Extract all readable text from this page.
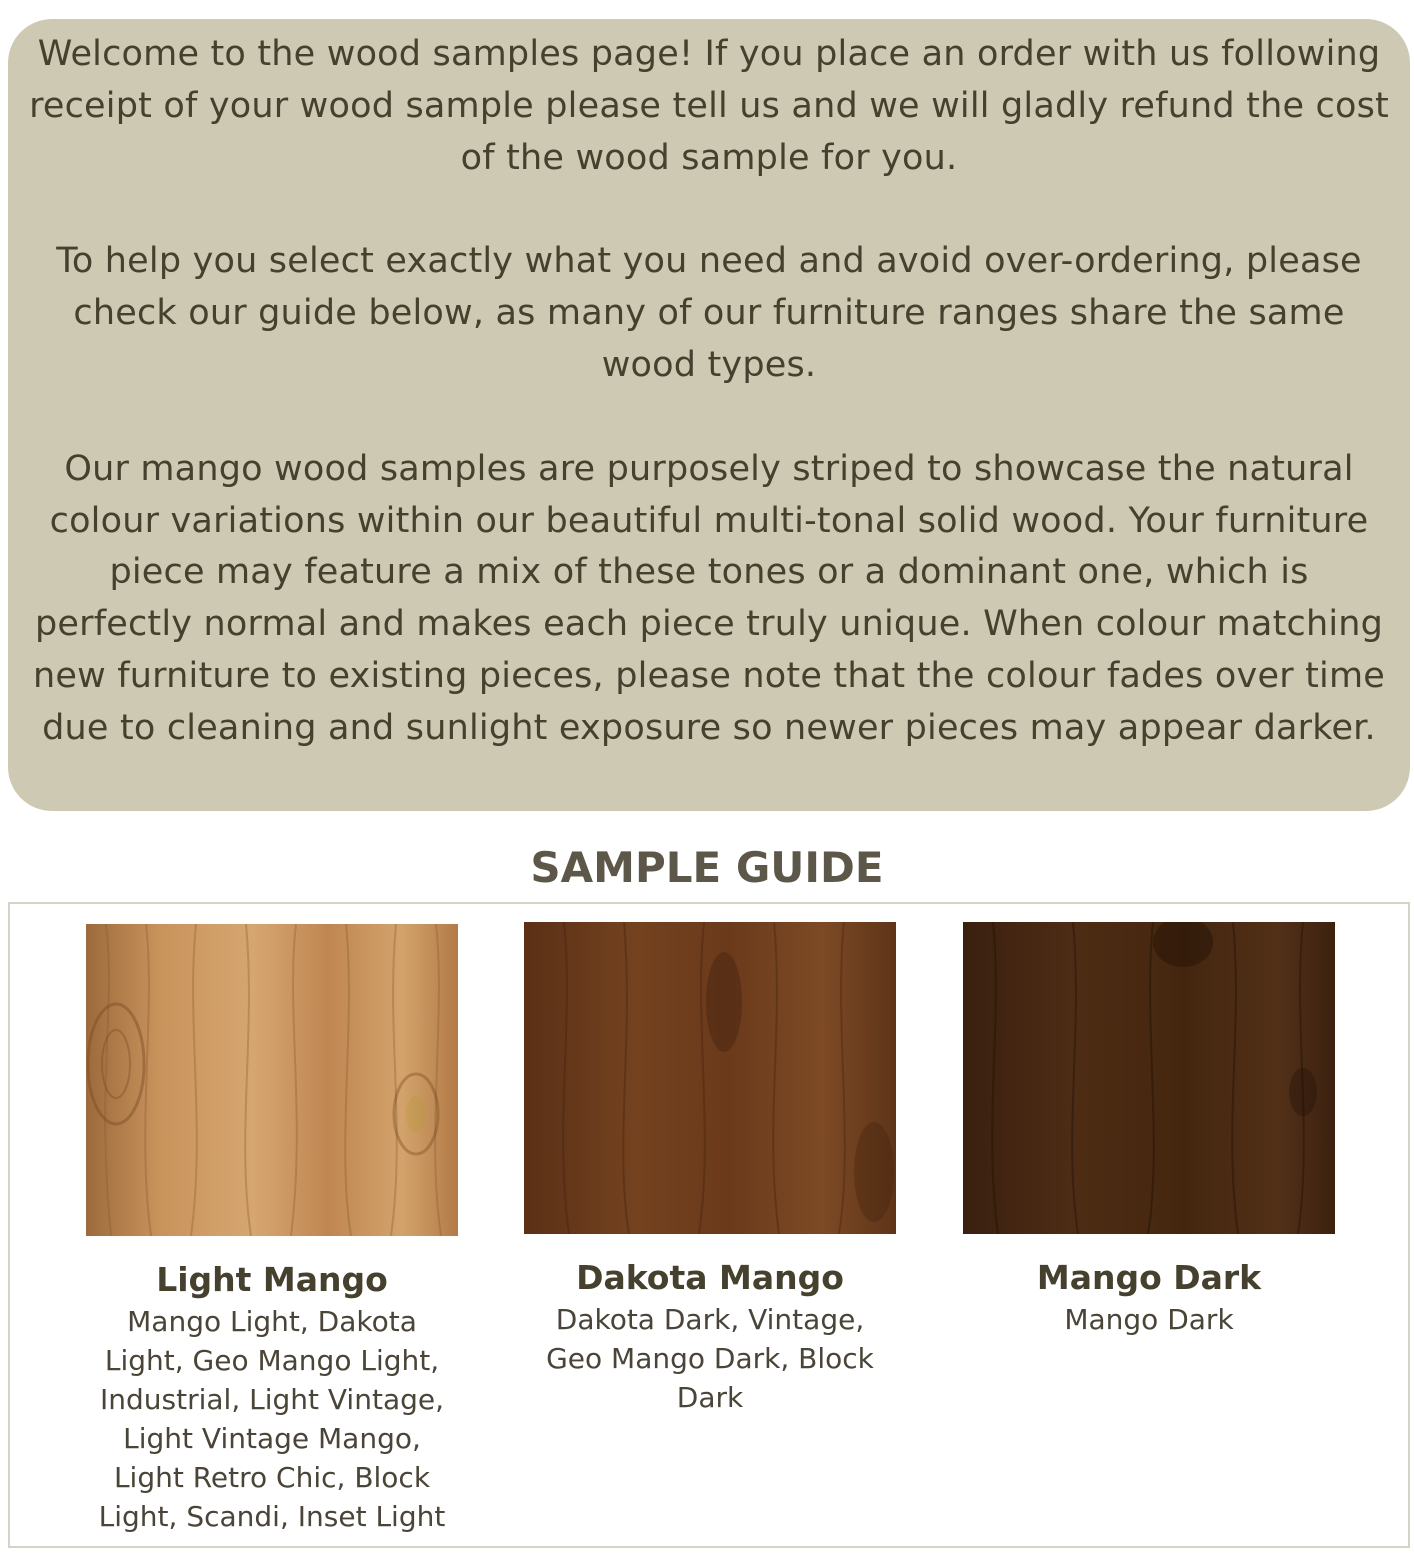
Welcome to the wood samples page! If you place an order with us following receipt of your wood sample please tell us and we will gladly refund the cost of the wood sample for you.

To help you select exactly what you need and avoid over-ordering, please check our guide below, as many of our furniture ranges share the same wood types.

Our mango wood samples are purposely striped to showcase the natural colour variations within our beautiful multi-tonal solid wood. Your furniture piece may feature a mix of these tones or a dominant one, which is perfectly normal and makes each piece truly unique. When colour matching new furniture to existing pieces, please note that the colour fades over time due to cleaning and sunlight exposure so newer pieces may appear darker.

SAMPLE GUIDE
Light Mango

Mango Light, Dakota Light, Geo Mango Light, Industrial, Light Vintage, Light Vintage Mango, Light Retro Chic, Block Light, Scandi, Inset Light

Dakota Mango

Dakota Dark, Vintage, Geo Mango Dark, Block Dark

Mango Dark

Mango Dark
